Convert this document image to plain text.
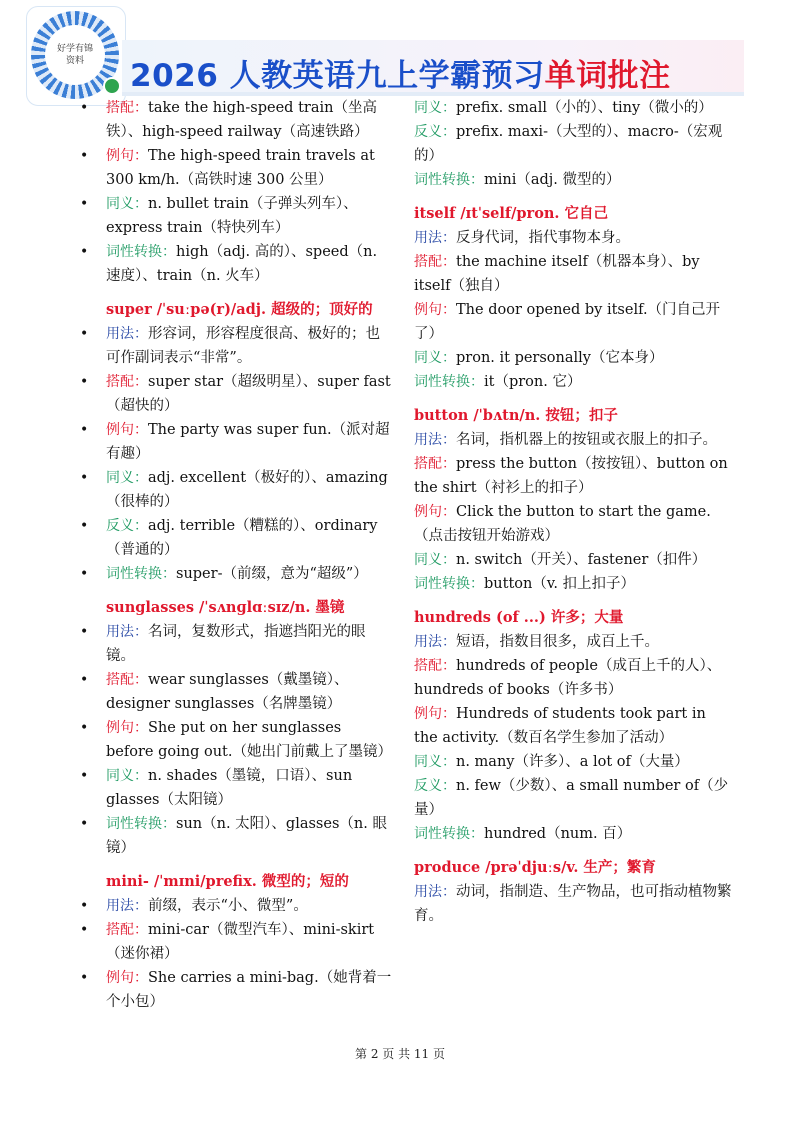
好学有锦
资料 2026 人教英语九上学霸预习单词批注
• 搭配：take the high-speed train（坐高铁）、high-speed railway（高速铁路）
• 例句：The high-speed train travels at 300 km/h.（高铁时速 300 公里）
• 同义：n. bullet train（子弹头列车）、express train（特快列车）
• 词性转换：high（adj. 高的）、speed（n. 速度）、train（n. 火车）
super /ˈsuːpə(r)/adj. 超级的；顶好的
• 用法：形容词，形容程度很高、极好的；也可作副词表示“非常”。
• 搭配：super star（超级明星）、super fast（超快的）
• 例句：The party was super fun.（派对超有趣）
• 同义：adj. excellent（极好的）、amazing（很棒的）
• 反义：adj. terrible（糟糕的）、ordinary（普通的）
• 词性转换：super-（前缀，意为“超级”）
sunglasses /ˈsʌnɡlɑːsɪz/n. 墨镜
• 用法：名词，复数形式，指遮挡阳光的眼镜。
• 搭配：wear sunglasses（戴墨镜）、designer sunglasses（名牌墨镜）
• 例句：She put on her sunglasses before going out.（她出门前戴上了墨镜）
• 同义：n. shades（墨镜，口语）、sun glasses（太阳镜）
• 词性转换：sun（n. 太阳）、glasses（n. 眼镜）
mini- /ˈmɪni/prefix. 微型的；短的
• 用法：前缀，表示“小、微型”。
• 搭配：mini-car（微型汽车）、mini-skirt（迷你裙）
• 例句：She carries a mini-bag.（她背着一个小包）
同义：prefix. small（小的）、tiny（微小的）
反义：prefix. maxi-（大型的）、macro-（宏观的）
词性转换：mini（adj. 微型的）
itself /ɪtˈself/pron. 它自己
用法：反身代词，指代事物本身。
搭配：the machine itself（机器本身）、by itself（独自）
例句：The door opened by itself.（门自己开了）
同义：pron. it personally（它本身）
词性转换：it（pron. 它）
button /ˈbʌtn/n. 按钮；扣子
用法：名词，指机器上的按钮或衣服上的扣子。
搭配：press the button（按按钮）、button on the shirt（衬衫上的扣子）
例句：Click the button to start the game.（点击按钮开始游戏）
同义：n. switch（开关）、fastener（扣件）
词性转换：button（v. 扣上扣子）
hundreds (of ...) 许多；大量
用法：短语，指数目很多，成百上千。
搭配：hundreds of people（成百上千的人）、hundreds of books（许多书）
例句：Hundreds of students took part in the activity.（数百名学生参加了活动）
同义：n. many（许多）、a lot of（大量）
反义：n. few（少数）、a small number of（少量）
词性转换：hundred（num. 百）
produce /prəˈdjuːs/v. 生产；繁育
用法：动词，指制造、生产物品，也可指动植物繁育。
第 2 页 共 11 页
